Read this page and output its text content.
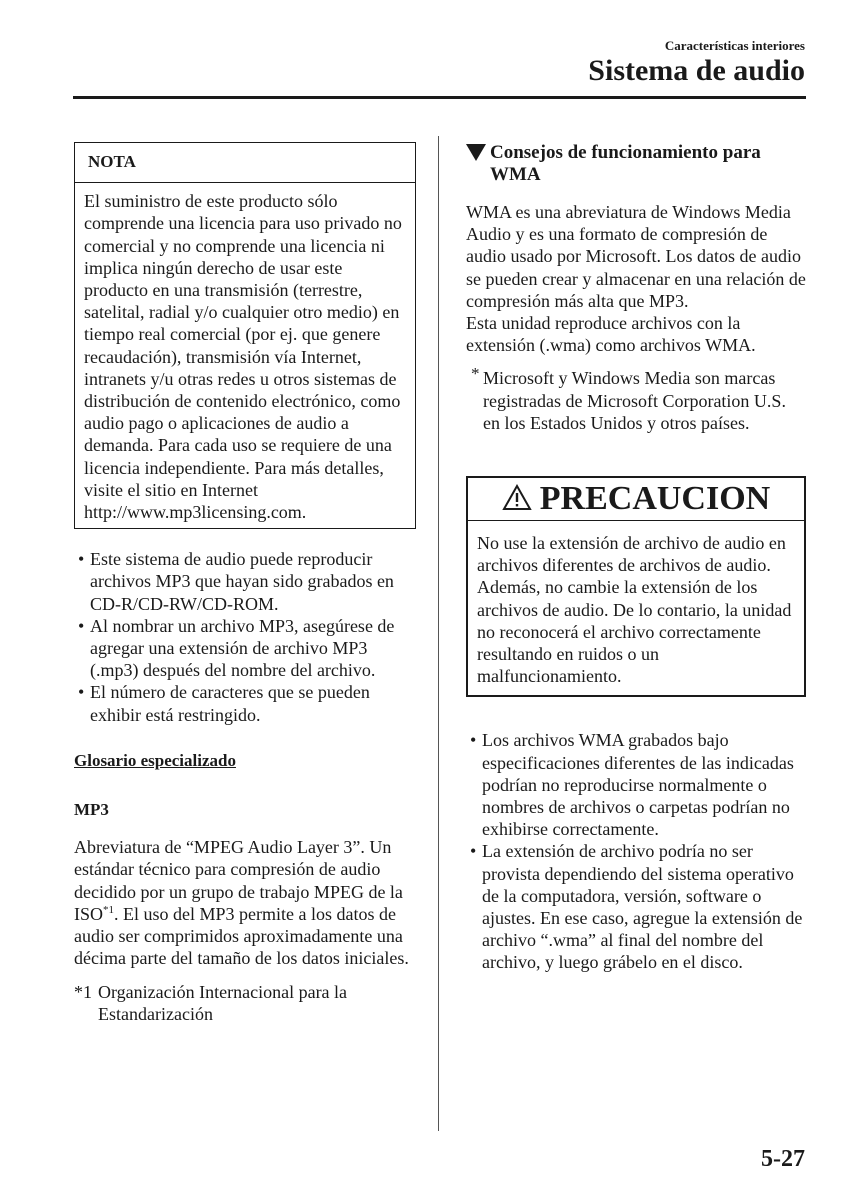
Características interiores
Sistema de audio
NOTA
El suministro de este producto sólo comprende una licencia para uso privado no comercial y no comprende una licencia ni implica ningún derecho de usar este producto en una transmisión (terrestre, satelital, radial y/o cualquier otro medio) en tiempo real comercial (por ej. que genere recaudación), transmisión vía Internet, intranets y/u otras redes u otros sistemas de distribución de contenido electrónico, como audio pago o aplicaciones de audio a demanda. Para cada uso se requiere de una licencia independiente. Para más detalles, visite el sitio en Internet http://www.mp3licensing.com.
• Este sistema de audio puede reproducir archivos MP3 que hayan sido grabados en CD-R/CD-RW/CD-ROM.
• Al nombrar un archivo MP3, asegúrese de agregar una extensión de archivo MP3 (.mp3) después del nombre del archivo.
• El número de caracteres que se pueden exhibir está restringido.
Glosario especializado
MP3
Abreviatura de “MPEG Audio Layer 3”. Un estándar técnico para compresión de audio decidido por un grupo de trabajo MPEG de la ISO$^{*1}$. El uso del MP3 permite a los datos de audio ser comprimidos aproximadamente una décima parte del tamaño de los datos iniciales.
*1 Organización Internacional para la Estandarización
Consejos de funcionamiento para WMA
WMA es una abreviatura de Windows Media Audio y es una formato de compresión de audio usado por Microsoft. Los datos de audio se pueden crear y almacenar en una relación de compresión más alta que MP3.
Esta unidad reproduce archivos con la extensión (.wma) como archivos WMA.
* Microsoft y Windows Media son marcas registradas de Microsoft Corporation U.S. en los Estados Unidos y otros países.
PRECAUCION
No use la extensión de archivo de audio en archivos diferentes de archivos de audio. Además, no cambie la extensión de los archivos de audio. De lo contario, la unidad no reconocerá el archivo correctamente resultando en ruidos o un malfuncionamiento.
• Los archivos WMA grabados bajo especificaciones diferentes de las indicadas podrían no reproducirse normalmente o nombres de archivos o carpetas podrían no exhibirse correctamente.
• La extensión de archivo podría no ser provista dependiendo del sistema operativo de la computadora, versión, software o ajustes. En ese caso, agregue la extensión de archivo “.wma” al final del nombre del archivo, y luego grábelo en el disco.
5-27
